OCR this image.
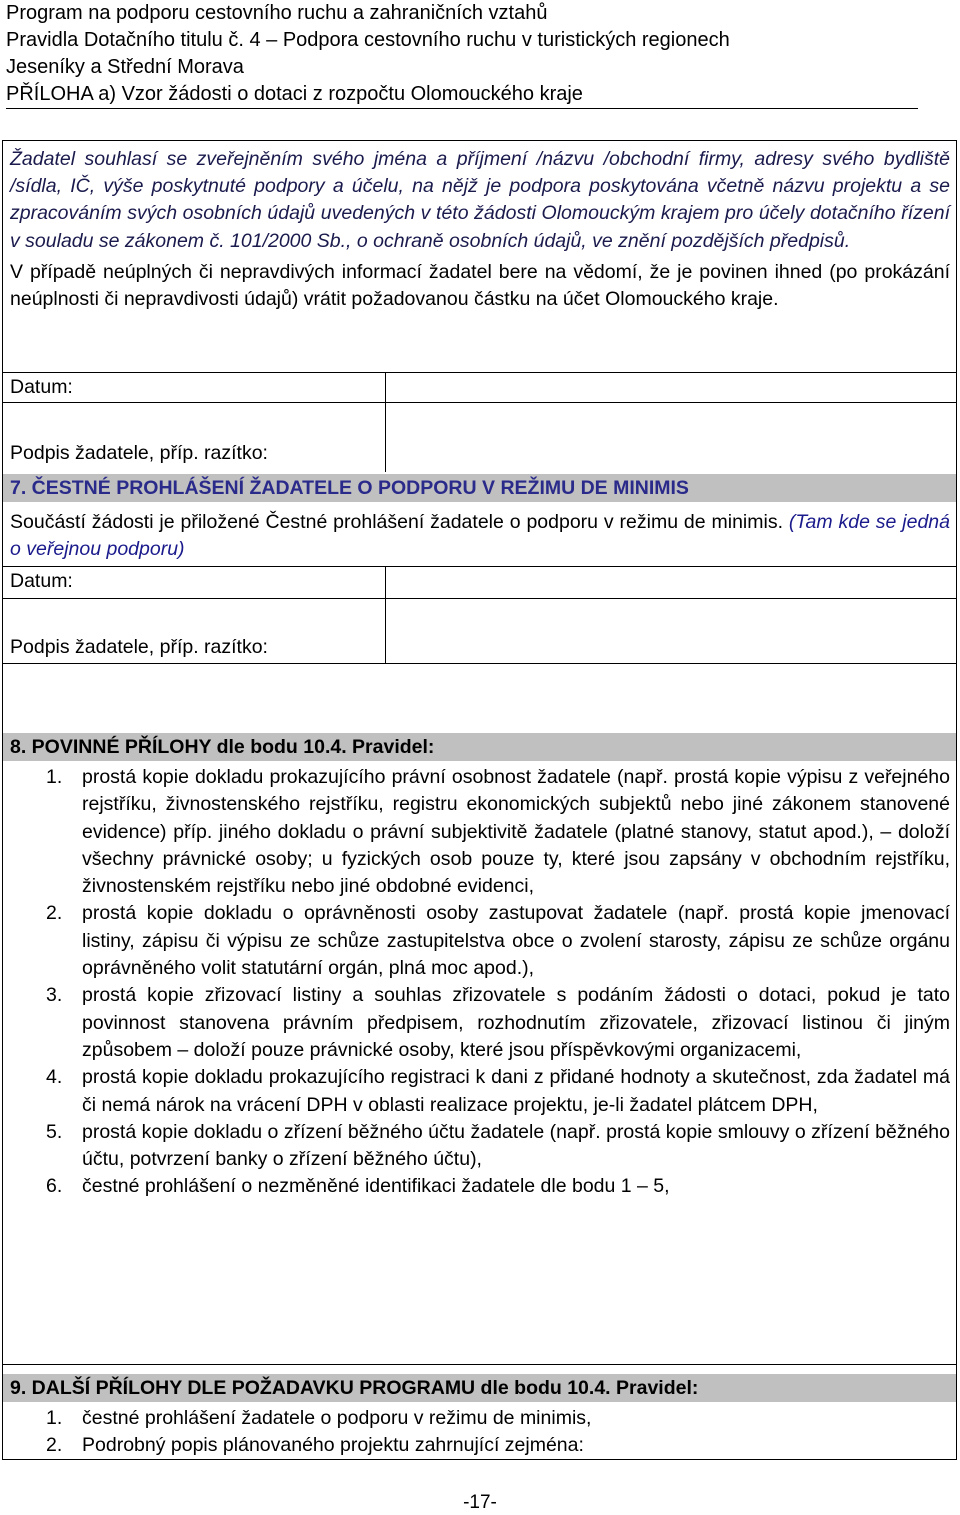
Program na podporu cestovního ruchu a zahraničních vztahů
Pravidla Dotačního titulu č. 4 – Podpora cestovního ruchu v turistických regionech
Jeseníky a Střední Morava
PŘÍLOHA a) Vzor žádosti o dotaci z rozpočtu Olomouckého kraje
Žadatel souhlasí se zveřejněním svého jména a příjmení /názvu /obchodní firmy, adresy svého bydliště /sídla, IČ, výše poskytnuté podpory a účelu, na nějž je podpora poskytována včetně názvu projektu a se zpracováním svých osobních údajů uvedených v této žádosti Olomouckým krajem pro účely dotačního řízení v souladu se zákonem č. 101/2000 Sb., o ochraně osobních údajů, ve znění pozdějších předpisů.
V případě neúplných či nepravdivých informací žadatel bere na vědomí, že je povinen ihned (po prokázání neúplnosti či nepravdivosti údajů) vrátit požadovanou částku na účet Olomouckého kraje.
Datum:
Podpis žadatele, příp. razítko:
7. ČESTNÉ PROHLÁŠENÍ ŽADATELE O PODPORU V REŽIMU DE MINIMIS
Součástí žádosti je přiložené Čestné prohlášení žadatele o podporu v režimu de minimis. (Tam kde se jedná o veřejnou podporu)
Datum:
Podpis žadatele, příp. razítko:
8. POVINNÉ PŘÍLOHY dle bodu 10.4. Pravidel:
1. prostá kopie dokladu prokazujícího právní osobnost žadatele (např. prostá kopie výpisu z veřejného rejstříku, živnostenského rejstříku, registru ekonomických subjektů nebo jiné zákonem stanovené evidence) příp. jiného dokladu o právní subjektivitě žadatele (platné stanovy, statut apod.), – doloží všechny právnické osoby; u fyzických osob pouze ty, které jsou zapsány v obchodním rejstříku, živnostenském rejstříku nebo jiné obdobné evidenci,
2. prostá kopie dokladu o oprávněnosti osoby zastupovat žadatele (např. prostá kopie jmenovací listiny, zápisu či výpisu ze schůze zastupitelstva obce o zvolení starosty, zápisu ze schůze orgánu oprávněného volit statutární orgán, plná moc apod.),
3. prostá kopie zřizovací listiny a souhlas zřizovatele s podáním žádosti o dotaci, pokud je tato povinnost stanovena právním předpisem, rozhodnutím zřizovatele, zřizovací listinou či jiným způsobem – doloží pouze právnické osoby, které jsou příspěvkovými organizacemi,
4. prostá kopie dokladu prokazujícího registraci k dani z přidané hodnoty a skutečnost, zda žadatel má či nemá nárok na vrácení DPH v oblasti realizace projektu, je-li žadatel plátcem DPH,
5. prostá kopie dokladu o zřízení běžného účtu žadatele (např. prostá kopie smlouvy o zřízení běžného účtu, potvrzení banky o zřízení běžného účtu),
6. čestné prohlášení o nezměněné identifikaci žadatele dle bodu 1 – 5,
9. DALŠÍ PŘÍLOHY DLE POŽADAVKU PROGRAMU dle bodu 10.4. Pravidel:
1. čestné prohlášení žadatele o podporu v režimu de minimis,
2. Podrobný popis plánovaného projektu zahrnující zejména:
-17-
